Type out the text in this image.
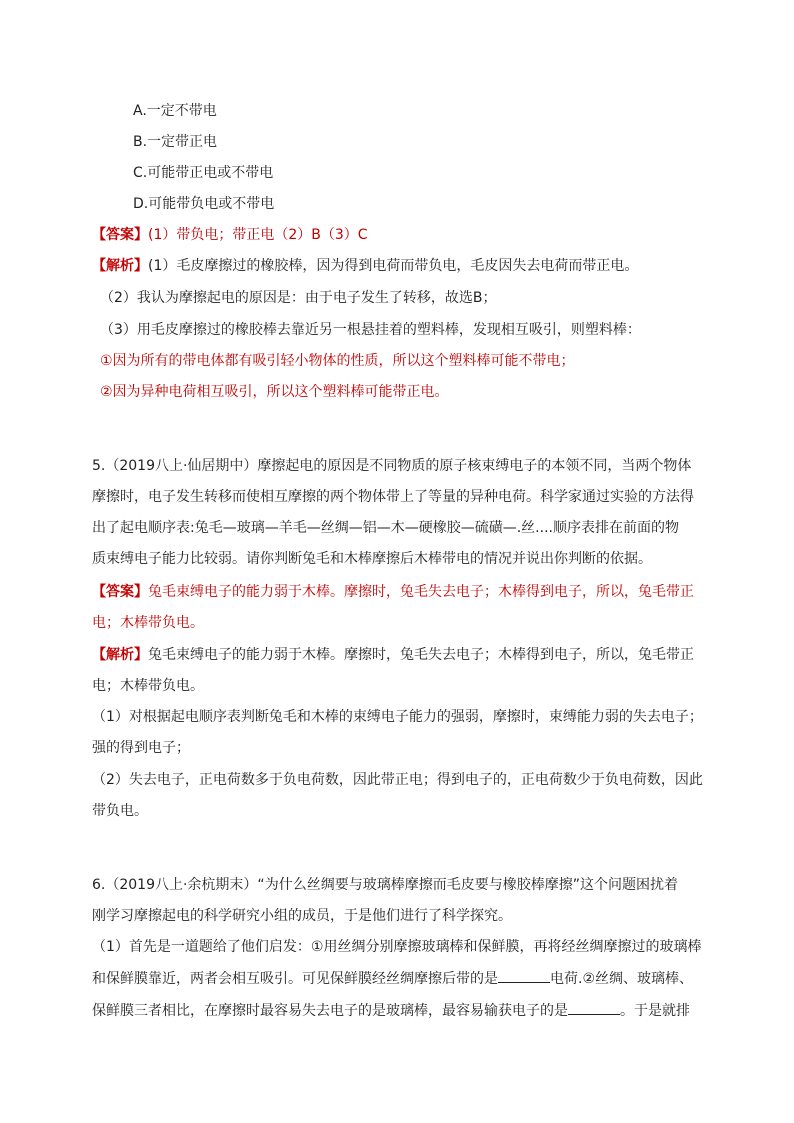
A.一定不带电
B.一定带正电
C.可能带正电或不带电
D.可能带负电或不带电
【答案】(1）带负电；带正电（2）B（3）C
【解析】(1）毛皮摩擦过的橡胶棒，因为得到电荷而带负电，毛皮因失去电荷而带正电。
（2）我认为摩擦起电的原因是：由于电子发生了转移，故选B；
（3）用毛皮摩擦过的橡胶棒去靠近另一根悬挂着的塑料棒，发现相互吸引，则塑料棒：
①因为所有的带电体都有吸引轻小物体的性质，所以这个塑料棒可能不带电；
②因为异种电荷相互吸引，所以这个塑料棒可能带正电。
5.（2019八上·仙居期中）摩擦起电的原因是不同物质的原子核束缚电子的本领不同，当两个物体
摩擦时，电子发生转移而使相互摩擦的两个物体带上了等量的异种电荷。科学家通过实验的方法得
出了起电顺序表:兔毛—玻璃—羊毛—丝绸—铝—木—硬橡胶—硫磺—.丝....顺序表排在前面的物
质束缚电子能力比较弱。请你判断兔毛和木棒摩擦后木棒带电的情况并说出你判断的依据。
【答案】兔毛束缚电子的能力弱于木棒。摩擦时，兔毛失去电子；木棒得到电子，所以，兔毛带正
电；木棒带负电。
【解析】兔毛束缚电子的能力弱于木棒。摩擦时，兔毛失去电子；木棒得到电子，所以，兔毛带正
电；木棒带负电。
（1）对根据起电顺序表判断兔毛和木棒的束缚电子能力的强弱，摩擦时，束缚能力弱的失去电子；
强的得到电子；
（2）失去电子，正电荷数多于负电荷数，因此带正电；得到电子的，正电荷数少于负电荷数，因此
带负电。
6.（2019八上·余杭期末）“为什么丝绸要与玻璃棒摩擦而毛皮要与橡胶棒摩擦”这个问题困扰着
刚学习摩擦起电的科学研究小组的成员，于是他们进行了科学探究。
（1）首先是一道题给了他们启发：①用丝绸分别摩擦玻璃棒和保鲜膜，再将经丝绸摩擦过的玻璃棒
和保鲜膜靠近，两者会相互吸引。可见保鲜膜经丝绸摩擦后带的是	电荷.②丝绸、玻璃棒、
保鲜膜三者相比，在摩擦时最容易失去电子的是玻璃棒，最容易输获电子的是	。于是就排
